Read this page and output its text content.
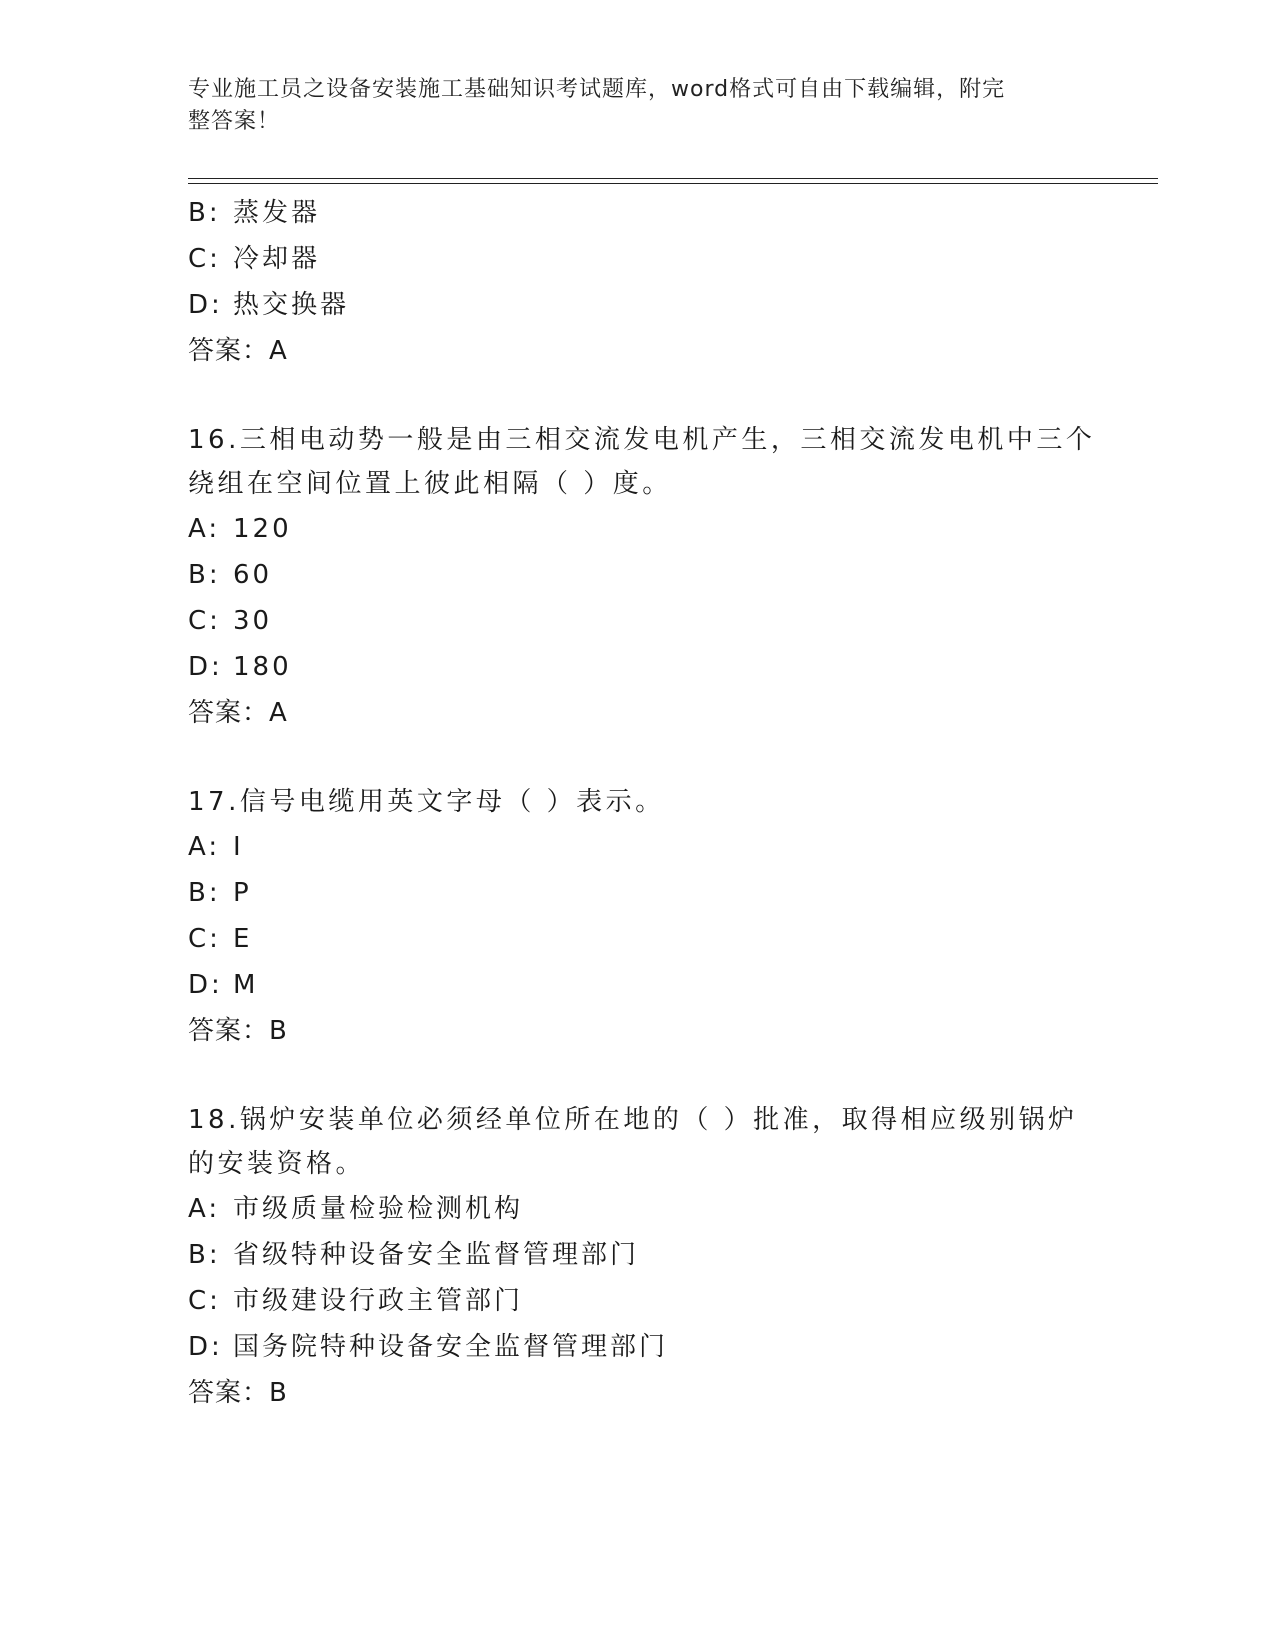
专业施工员之设备安装施工基础知识考试题库，word格式可自由下载编辑，附完
整答案！
B: 蒸发器
C: 冷却器
D: 热交换器
答案：A
16.三相电动势一般是由三相交流发电机产生，三相交流发电机中三个
绕组在空间位置上彼此相隔（ ）度。
A: 120
B: 60
C: 30
D: 180
答案：A
17.信号电缆用英文字母（ ）表示。
A: I
B: P
C: E
D: M
答案：B
18.锅炉安装单位必须经单位所在地的（ ）批准，取得相应级别锅炉
的安装资格。
A: 市级质量检验检测机构
B: 省级特种设备安全监督管理部门
C: 市级建设行政主管部门
D: 国务院特种设备安全监督管理部门
答案：B
